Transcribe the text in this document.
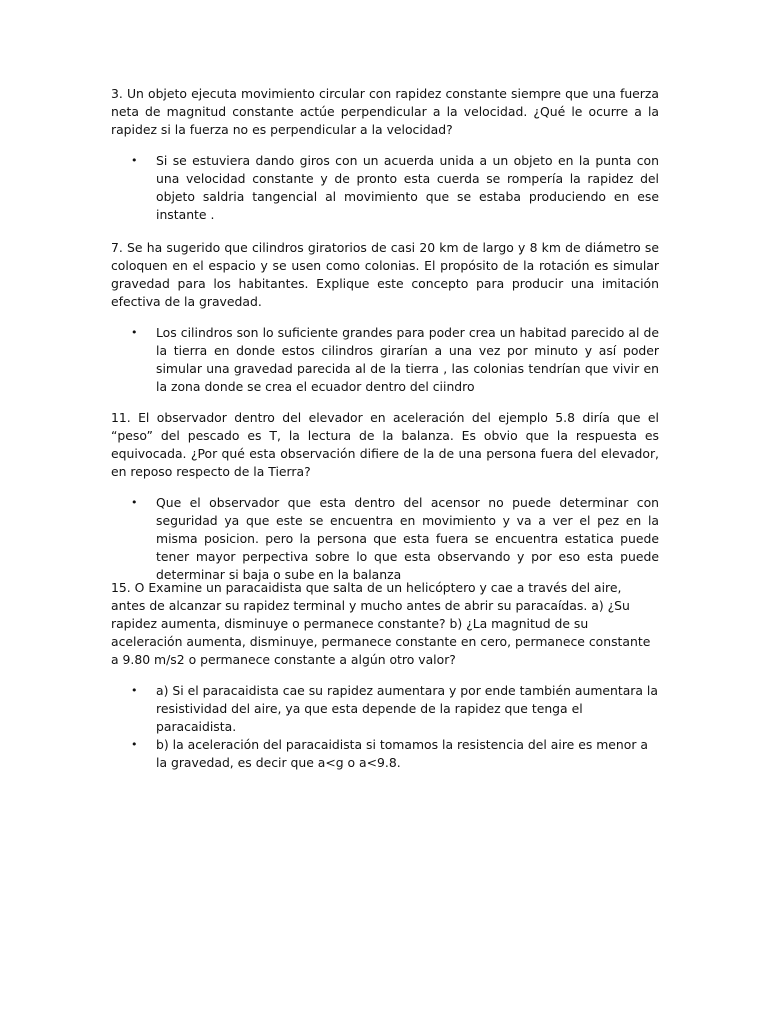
3. Un objeto ejecuta movimiento circular con rapidez constante siempre que una fuerza neta de magnitud constante actúe perpendicular a la velocidad. ¿Qué le ocurre a la rapidez si la fuerza no es perpendicular a la velocidad?

• Si se estuviera dando giros con un acuerda unida a un objeto en la punta con una velocidad constante y de pronto esta cuerda se rompería la rapidez del objeto saldria tangencial al movimiento que se estaba produciendo en ese instante .

7. Se ha sugerido que cilindros giratorios de casi 20 km de largo y 8 km de diámetro se coloquen en el espacio y se usen como colonias. El propósito de la rotación es simular gravedad para los habitantes. Explique este concepto para producir una imitación efectiva de la gravedad.

• Los cilindros son lo suficiente grandes para poder crea un habitad parecido al de la tierra en donde estos cilindros girarían a una vez por minuto y así poder simular una gravedad parecida al de la tierra , las colonias tendrían que vivir en la zona donde se crea el ecuador dentro del ciindro

11. El observador dentro del elevador en aceleración del ejemplo 5.8 diría que el “peso” del pescado es T, la lectura de la balanza. Es obvio que la respuesta es equivocada. ¿Por qué esta observación difiere de la de una persona fuera del elevador, en reposo respecto de la Tierra?

• Que el observador que esta dentro del acensor no puede determinar con seguridad ya que este se encuentra en movimiento y va a ver el pez en la misma posicion. pero la persona que esta fuera se encuentra estatica puede tener mayor perpectiva sobre lo que esta observando y por eso esta puede determinar si baja o sube en la balanza

15. O Examine un paracaidista que salta de un helicóptero y cae a través del aire, antes de alcanzar su rapidez terminal y mucho antes de abrir su paracaídas. a) ¿Su rapidez aumenta, disminuye o permanece constante? b) ¿La magnitud de su aceleración aumenta, disminuye, permanece constante en cero, permanece constante a 9.80 m/s2 o permanece constante a algún otro valor?

• a) Si el paracaidista cae su rapidez aumentara y por ende también aumentara la resistividad del aire, ya que esta depende de la rapidez que tenga el paracaidista.
• b) la aceleración del paracaidista si tomamos la resistencia del aire es menor a la gravedad, es decir que a<g o a<9.8.
